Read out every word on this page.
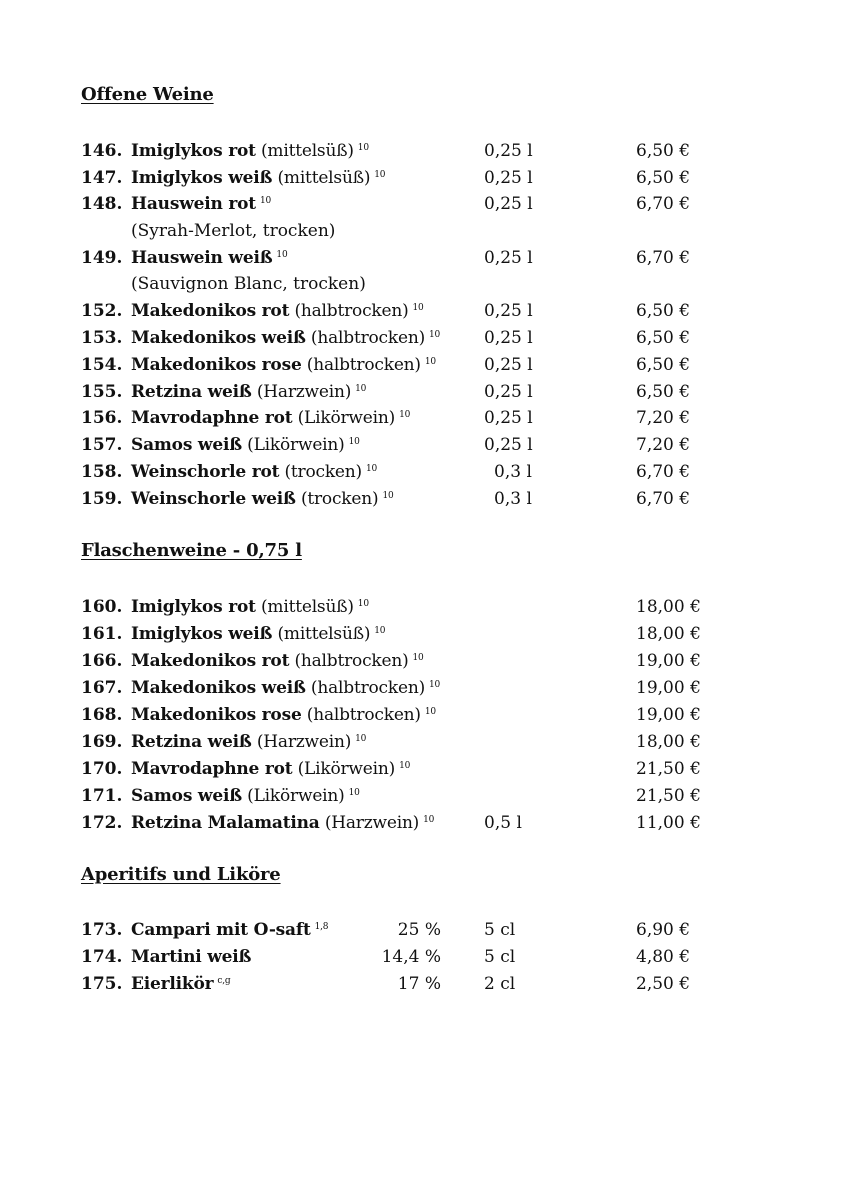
Offene Weine
146. Imiglykos rot (mittelsüß) $^{10}$	0,25 l	6,50 €
147. Imiglykos weiß (mittelsüß) $^{10}$	0,25 l	6,50 €
148. Hauswein rot $^{10}$	0,25 l	6,70 €
(Syrah-Merlot, trocken)
149. Hauswein weiß $^{10}$	0,25 l	6,70 €
(Sauvignon Blanc, trocken)
152. Makedonikos rot (halbtrocken) $^{10}$	0,25 l	6,50 €
153. Makedonikos weiß (halbtrocken) $^{10}$	0,25 l	6,50 €
154. Makedonikos rose (halbtrocken) $^{10}$	0,25 l	6,50 €
155. Retzina weiß (Harzwein) $^{10}$	0,25 l	6,50 €
156. Mavrodaphne rot (Likörwein) $^{10}$	0,25 l	7,20 €
157. Samos weiß (Likörwein) $^{10}$	0,25 l	7,20 €
158. Weinschorle rot (trocken) $^{10}$	0,3 l	6,70 €
159. Weinschorle weiß (trocken) $^{10}$	0,3 l	6,70 €
Flaschenweine - 0,75 l
160. Imiglykos rot (mittelsüß) $^{10}$	18,00 €
161. Imiglykos weiß (mittelsüß) $^{10}$	18,00 €
166. Makedonikos rot (halbtrocken) $^{10}$	19,00 €
167. Makedonikos weiß (halbtrocken) $^{10}$	19,00 €
168. Makedonikos rose (halbtrocken) $^{10}$	19,00 €
169. Retzina weiß (Harzwein) $^{10}$	18,00 €
170. Mavrodaphne rot (Likörwein) $^{10}$	21,50 €
171. Samos weiß (Likörwein) $^{10}$	21,50 €
172. Retzina Malamatina (Harzwein) $^{10}$	0,5 l	11,00 €
Aperitifs und Liköre
173. Campari mit O-saft $^{1,8}$	25 %	5 cl	6,90 €
174. Martini weiß	14,4 %	5 cl	4,80 €
175. Eierlikör $^{c,g}$	17 %	2 cl	2,50 €
